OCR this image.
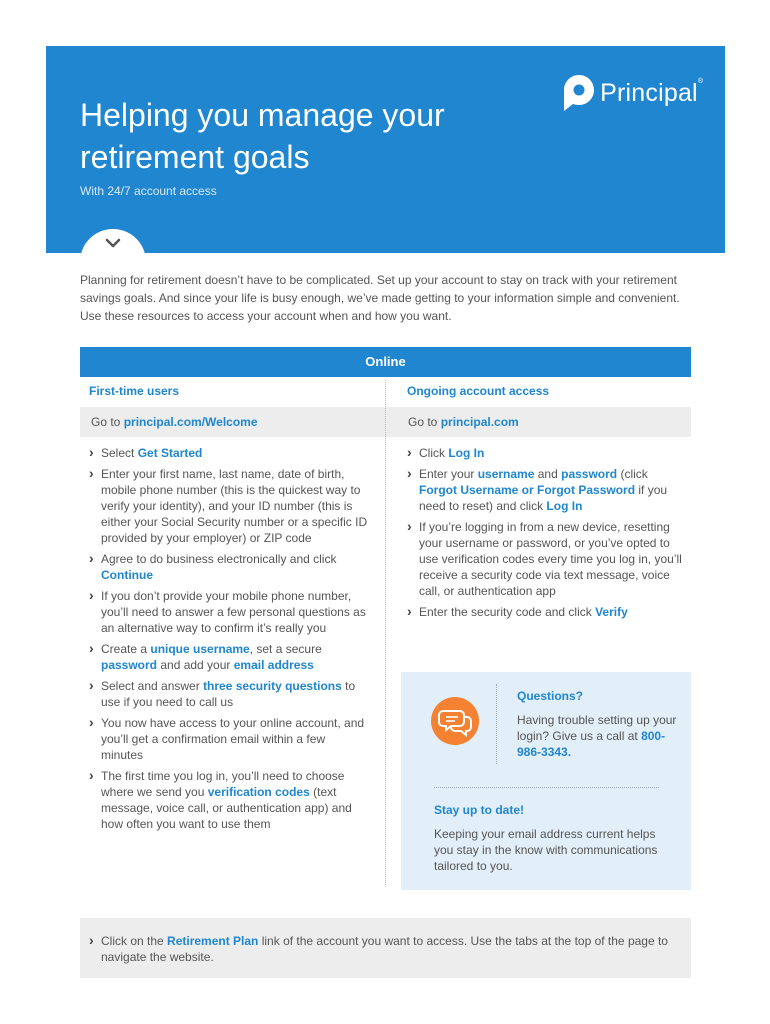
Helping you manage your retirement goals
With 24/7 account access
Principal ®

Planning for retirement doesn’t have to be complicated. Set up your account to stay on track with your retirement savings goals. And since your life is busy enough, we’ve made getting to your information simple and convenient. Use these resources to access your account when and how you want.

Online
First-time users	Ongoing account access
Go to principal.com/Welcome	Go to principal.com
› Select Get Started
› Enter your first name, last name, date of birth, mobile phone number (this is the quickest way to verify your identity), and your ID number (this is either your Social Security number or a specific ID provided by your employer) or ZIP code
› Agree to do business electronically and click Continue
› If you don’t provide your mobile phone number, you’ll need to answer a few personal questions as an alternative way to confirm it’s really you
› Create a unique username, set a secure password and add your email address
› Select and answer three security questions to use if you need to call us
› You now have access to your online account, and you’ll get a confirmation email within a few minutes
› The first time you log in, you’ll need to choose where we send you verification codes (text message, voice call, or authentication app) and how often you want to use them
› Click Log In
› Enter your username and password (click Forgot Username or Forgot Password if you need to reset) and click Log In
› If you’re logging in from a new device, resetting your username or password, or you’ve opted to use verification codes every time you log in, you’ll receive a security code via text message, voice call, or authentication app
› Enter the security code and click Verify
Questions?
Having trouble setting up your login? Give us a call at 800-986-3343.
Stay up to date!
Keeping your email address current helps you stay in the know with communications tailored to you.
› Click on the Retirement Plan link of the account you want to access. Use the tabs at the top of the page to navigate the website.
